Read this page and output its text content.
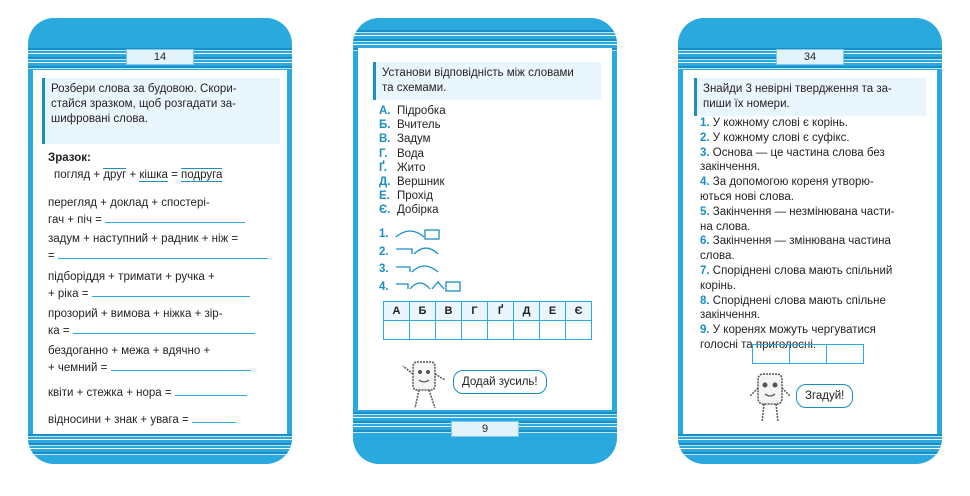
14
Розбери слова за будовою. Скори-
стайся зразком, щоб розгадати за-
шифровані слова.
Зразок:
погляд + друг + кішка = подруга
перегляд + доклад + спостері-
гач + піч =
задум + наступний + радник + ніж =
=
підборіддя + тримати + ручка +
+ ріка =
прозорий + вимова + ніжка + зір-
ка =
бездоганно + межа + вдячно +
+ чемний =
квіти + стежка + нора =
відносини + знак + увага =
9
Установи відповідність між словами
та схемами.
А. Підробка
Б. Вчитель
В. Задум
Г. Вода
Ґ. Жито
Д. Вершник
Е. Прохід
Є. Добірка
1.
2.
3.
4.
А	Б	В	Г	Ґ	Д	Е	Є

Додай зусиль!
34
Знайди 3 невірні твердження та за-
пиши їх номери.
1. У кожному слові є корінь.
2. У кожному слові є суфікс.
3. Основа — це частина слова без
закінчення.
4. За допомогою кореня утворю-
ються нові слова.
5. Закінчення — незмінювана части-
на слова.
6. Закінчення — змінювана частина
слова.
7. Споріднені слова мають спільний
корінь.
8. Споріднені слова мають спільне
закінчення.
9. У коренях можуть чергуватися
голосні та приголосні.

Згадуй!
